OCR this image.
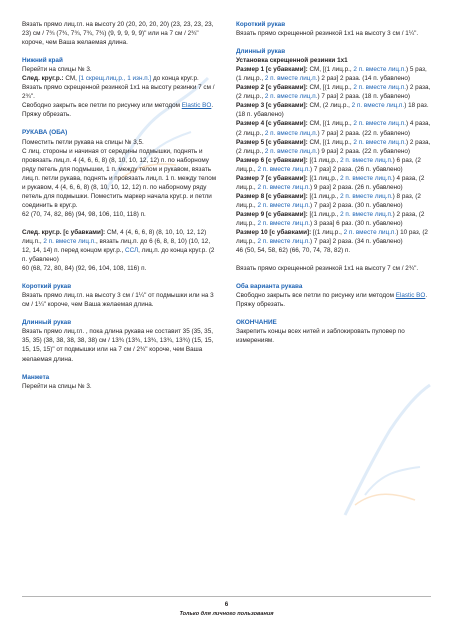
Вязать прямо лиц.гл. на высоту 20 (20, 20, 20, 20) (23, 23, 23, 23, 23) см / 7¾ (7¾, 7¾, 7¾, 7¾) (9, 9, 9, 9, 9)" или на 7 см / 2¾" короче, чем Ваша желаемая длина.

Нижний край

Перейти на спицы № 3.

След. круг.р.: СМ, [1 скрещ.лиц.р., 1 изн.п.] до конца круг.р.

Вязать прямо скрещенной резинкой 1х1 на высоту резинки 7 см / 2¾".

Свободно закрыть все петли по рисунку или методом Elastic BO.

Пряжу обрезать.

РУКАВА (ОБА)

Поместить петли рукава на спицы № 3,5.

С лиц. стороны и начиная от середины подмышки, поднять и провязать лиц.п. 4 (4, 6, 6, 8) (8, 10, 10, 12, 12) п. по наборному ряду петель для подмышки, 1 п. между телом и рукавом, вязать лиц.п. петли рукава, поднять и провязать лиц.п. 1 п. между телом и рукавом, 4 (4, 6, 6, 8) (8, 10, 10, 12, 12) п. по наборному ряду петель для подмышки. Поместить маркер начала круг.р. и петли соединить в круг.р.

62 (70, 74, 82, 86) (94, 98, 106, 110, 118) п.

След. круг.р. [с убавками]: СМ, 4 (4, 6, 6, 8) (8, 10, 10, 12, 12) лиц.п., 2 п. вместе лиц.п., вязать лиц.п. до 6 (6, 8, 8, 10) (10, 12, 12, 14, 14) п. перед концом круг.р., ССЛ, лиц.п. до конца круг.р. (2 п. убавлено)

60 (68, 72, 80, 84) (92, 96, 104, 108, 116) п.

Короткий рукав

Вязать прямо лиц.гл. на высоту 3 см / 1¼" от подмышки или на 3 см / 1¼" короче, чем Ваша желаемая длина.

Длинный рукав

Вязать прямо лиц.гл. , пока длина рукава не составит 35 (35, 35, 35, 35) (38, 38, 38, 38, 38) см / 13¾ (13¾, 13¾, 13¾, 13¾) (15, 15, 15, 15, 15)" от подмышки или на 7 см / 2¾" короче, чем Ваша желаемая длина.

Манжета

Перейти на спицы № 3.

Короткий рукав

Вязать прямо скрещенной резинкой 1х1 на высоту 3 см / 1¼".

Длинный рукав

Установка скрещенной резинки 1х1

Размер 1 [с убавками]: СМ, [(1 лиц.р., 2 п. вместе лиц.п.) 5 раз, (1 лиц.р., 2 п. вместе лиц.п.) 2 раз] 2 раза. (14 п. убавлено)

Размер 2 [с убавками]: СМ, [(1 лиц.р., 2 п. вместе лиц.п.) 2 раза, (2 лиц.р., 2 п. вместе лиц.п.) 7 раз] 2 раза. (18 п. убавлено)

Размер 3 [с убавками]: СМ, (2 лиц.р., 2 п. вместе лиц.п.) 18 раз. (18 п. убавлено)

Размер 4 [с убавками]: СМ, [(1 лиц.р., 2 п. вместе лиц.п.) 4 раза, (2 лиц.р., 2 п. вместе лиц.п.) 7 раз] 2 раза. (22 п. убавлено)

Размер 5 [с убавками]: СМ, [(1 лиц.р., 2 п. вместе лиц.п.) 2 раза, (2 лиц.р., 2 п. вместе лиц.п.) 9 раз] 2 раза. (22 п. убавлено)

Размер 6 [с убавками]: [(1 лиц.р., 2 п. вместе лиц.п.) 6 раз, (2 лиц.р., 2 п. вместе лиц.п.) 7 раз] 2 раза. (26 п. убавлено)

Размер 7 [с убавками]: [(1 лиц.р., 2 п. вместе лиц.п.) 4 раза, (2 лиц.р., 2 п. вместе лиц.п.) 9 раз] 2 раза. (26 п. убавлено)

Размер 8 [с убавками]: [(1 лиц.р., 2 п. вместе лиц.п.) 8 раз, (2 лиц.р., 2 п. вместе лиц.п.) 7 раз] 2 раза. (30 п. убавлено)

Размер 9 [с убавками]: [(1 лиц.р., 2 п. вместе лиц.п.) 2 раза, (2 лиц.р., 2 п. вместе лиц.п.) 3 раза] 6 раз. (30 п. убавлено)

Размер 10 [с убавками]: [(1 лиц.р., 2 п. вместе лиц.п.) 10 раз, (2 лиц.р., 2 п. вместе лиц.п.) 7 раз] 2 раза. (34 п. убавлено)

46 (50, 54, 58, 62) (66, 70, 74, 78, 82) п.

Вязать прямо скрещенной резинкой 1х1 на высоту 7 см / 2¾".

Оба варианта рукава

Свободно закрыть все петли по рисунку или методом Elastic BO.

Пряжу обрезать.

ОКОНЧАНИЕ

Закрепить концы всех нитей и заблокировать пуловер по измерениям.

6
Только для личного пользования
